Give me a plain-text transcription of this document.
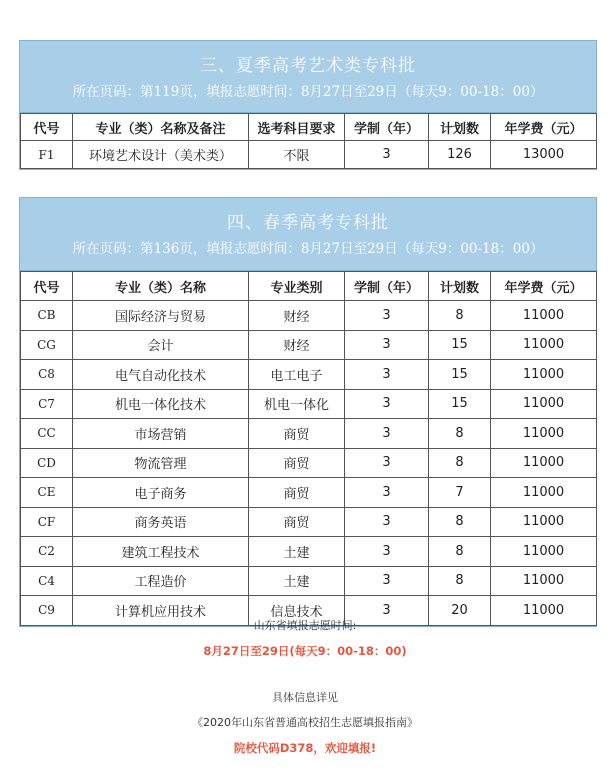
三、夏季高考艺术类专科批
所在页码：第119页，填报志愿时间：8月27日至29日（每天9：00-18：00）
代号	专业（类）名称及备注	选考科目要求	学制（年）	计划数	年学费（元）
F1	环境艺术设计（美术类）	不限	3	126	13000
四、春季高考专科批
所在页码：第136页，填报志愿时间：8月27日至29日（每天9：00-18：00）
代号	专业（类）名称	专业类别	学制（年）	计划数	年学费（元）
CB	国际经济与贸易	财经	3	8	11000
CG	会计	财经	3	15	11000
C8	电气自动化技术	电工电子	3	15	11000
C7	机电一体化技术	机电一体化	3	15	11000
CC	市场营销	商贸	3	8	11000
CD	物流管理	商贸	3	8	11000
CE	电子商务	商贸	3	7	11000
CF	商务英语	商贸	3	8	11000
C2	建筑工程技术	土建	3	8	11000
C4	工程造价	土建	3	8	11000
C9	计算机应用技术	信息技术	3	20	11000
山东省填报志愿时间:
8月27日至29日(每天9：00-18：00)
具体信息详见
《2020年山东省普通高校招生志愿填报指南》
院校代码D378，欢迎填报!
